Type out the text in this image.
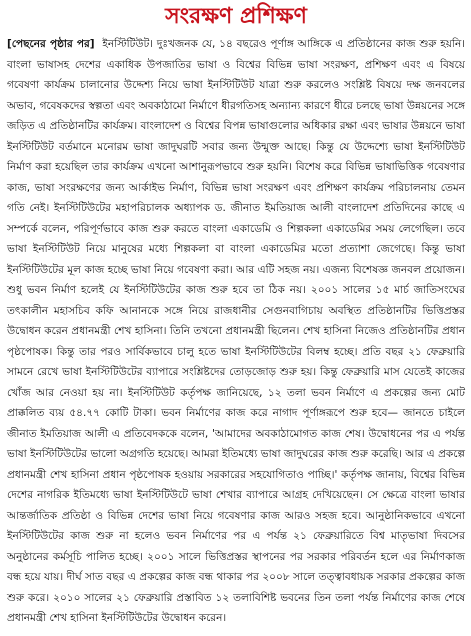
সংরক্ষণ প্রশিক্ষণ
[পেছনের পৃষ্ঠার পর] ইনস্টিটিউট। দুঃখজনক যে, ১৪ বছরেও পূর্ণাঙ্গ আঙ্গিকে এ প্রতিষ্ঠানের কাজ শুরু হয়নি। বাংলা ভাষাসহ দেশের একাধিক উপজাতির ভাষা ও বিশ্বের বিভিন্ন ভাষা সংরক্ষণ, প্রশিক্ষণ এবং এ বিষয়ে গবেষণা কার্যক্রম চালানোর উদ্দেশ্য নিয়ে ভাষা ইনস্টিটিউট যাত্রা শুরু করলেও সংশ্লিষ্ট বিষয়ে দক্ষ জনবলের অভাব, গবেষকদের স্বল্পতা এবং অবকাঠামো নির্মাণে ধীরগতিসহ অন্যান্য কারণে ধীরে চলছে ভাষা উন্নয়নের সঙ্গে জড়িত এ প্রতিষ্ঠানটির কার্যক্রম। বাংলাদেশ ও বিশ্বের বিপন্ন ভাষাগুলোর অধিকার রক্ষা এবং ভাষার উন্নয়নে ভাষা ইনস্টিটিউট বর্তমানে মনোরম ভাষা জাদুঘরটি সবার জন্য উন্মুক্ত আছে। কিন্তু যে উদ্দেশ্যে ভাষা ইনস্টিটিউট নির্মাণ করা হয়েছিল তার কার্যক্রম এখনো আশানুরূপভাবে শুরু হয়নি। বিশেষ করে বিভিন্ন ভাষাভিত্তিক গবেষণার কাজ, ভাষা সংরক্ষণের জন্য আর্কাইভ নির্মাণ, বিভিন্ন ভাষা সংরক্ষণ এবং প্রশিক্ষণ কার্যক্রম পরিচালনায় তেমন গতি নেই। ইনস্টিটিউটের মহাপরিচালক অধ্যাপক ড. জীনাত ইমতিয়াজ আলী বাংলাদেশ প্রতিদিনের কাছে এ সম্পর্কে বলেন, পরিপূর্ণভাবে কাজ শুরু করতে বাংলা একাডেমি ও শিল্পকলা একাডেমির সময় লেগেছিল। তবে ভাষা ইনস্টিটিউট নিয়ে মানুষের মধ্যে শিল্পকলা বা বাংলা একাডেমির মতো প্রত্যাশা জেগেছে। কিন্তু ভাষা ইনস্টিটিউটের মূল কাজ হচ্ছে ভাষা নিয়ে গবেষণা করা। আর এটি সহজ নয়। এজন্য বিশেষজ্ঞ জনবল প্রয়োজন। শুধু ভবন নির্মাণ হলেই যে ইনস্টিটিউটের কাজ শুরু হবে তা ঠিক নয়। ২০০১ সালের ১৫ মার্চ জাতিসংঘের তৎকালীন মহাসচিব কফি আনানকে সঙ্গে নিয়ে রাজধানীর সেগুনবাগিচায় অবস্থিত প্রতিষ্ঠানটির ভিত্তিপ্রস্তর উদ্বোধন করেন প্রধানমন্ত্রী শেখ হাসিনা। তিনি তখনো প্রধানমন্ত্রী ছিলেন। শেখ হাসিনা নিজেও প্রতিষ্ঠানটির প্রধান পৃষ্ঠপোষক। কিন্তু তার পরও সার্বিকভাবে চালু হতে ভাষা ইনস্টিটিউটের বিলম্ব হচ্ছে। প্রতি বছর ২১ ফেব্রুয়ারি সামনে রেখে ভাষা ইনস্টিটিউটের ব্যাপারে সংশ্লিষ্টদের তোড়জোড় শুরু হয়। কিন্তু ফেব্রুয়ারি মাস যেতেই কাজের খোঁজ আর নেওয়া হয় না। ইনস্টিটিউট কর্তৃপক্ষ জানিয়েছে, ১২ তলা ভবন নির্মাণে এ প্রকল্পের জন্য মোট প্রাক্কলিত ব্যয় ৫৪.৭৭ কোটি টাকা। ভবন নির্মাণের কাজ করে নাগাদ পূর্ণাঙ্গরূপে শুরু হবে— জানতে চাইলে জীনাত ইমতিয়াজ আলী এ প্রতিবেদককে বলেন, 'আমাদের অবকাঠামোগত কাজ শেষ। উদ্বোধনের পর এ পর্যন্ত ভাষা ইনস্টিটিউটের ভালো অগ্রগতি হয়েছে। আমরা ইতিমধ্যে ভাষা জাদুঘরের কাজ শুরু করেছি। আর এ প্রকল্পে প্রধানমন্ত্রী শেখ হাসিনা প্রধান পৃষ্ঠপোষক হওয়ায় সরকারের সহযোগিতাও পাচ্ছি।' কর্তৃপক্ষ জানায়, বিশ্বের বিভিন্ন দেশের নাগরিক ইতিমধ্যে ভাষা ইনস্টিটিউটে ভাষা শেখার ব্যাপারে আগ্রহ দেখিয়েছেন। সে ক্ষেত্রে বাংলা ভাষার আন্তর্জাতিক প্রতিষ্ঠা ও বিভিন্ন দেশের ভাষা নিয়ে গবেষণার কাজ আরও সহজ হবে। আনুষ্ঠানিকভাবে এখনো ইনস্টিটিউটের কাজ শুরু না হলেও ভবন নির্মাণের পর এ পর্যন্ত ২১ ফেব্রুয়ারিতে বিশ্ব মাতৃভাষা দিবসের অনুষ্ঠানের কর্মসূচি পালিত হচ্ছে। ২০০১ সালে ভিত্তিপ্রস্তর স্থাপনের পর সরকার পরিবর্তন হলে এর নির্মাণকাজ বন্ধ হয়ে যায়। দীর্ঘ সাত বছর এ প্রকল্পের কাজ বন্ধ থাকার পর ২০০৮ সালে তত্ত্বাবধায়ক সরকার প্রকল্পের কাজ শুরু করে। ২০১০ সালের ২১ ফেব্রুয়ারি প্রস্তাবিত ১২ তলাবিশিষ্ট ভবনের তিন তলা পর্যন্ত নির্মাণের কাজ শেষে প্রধানমন্ত্রী শেখ হাসিনা ইনস্টিটিউটের উদ্বোধন করেন।
